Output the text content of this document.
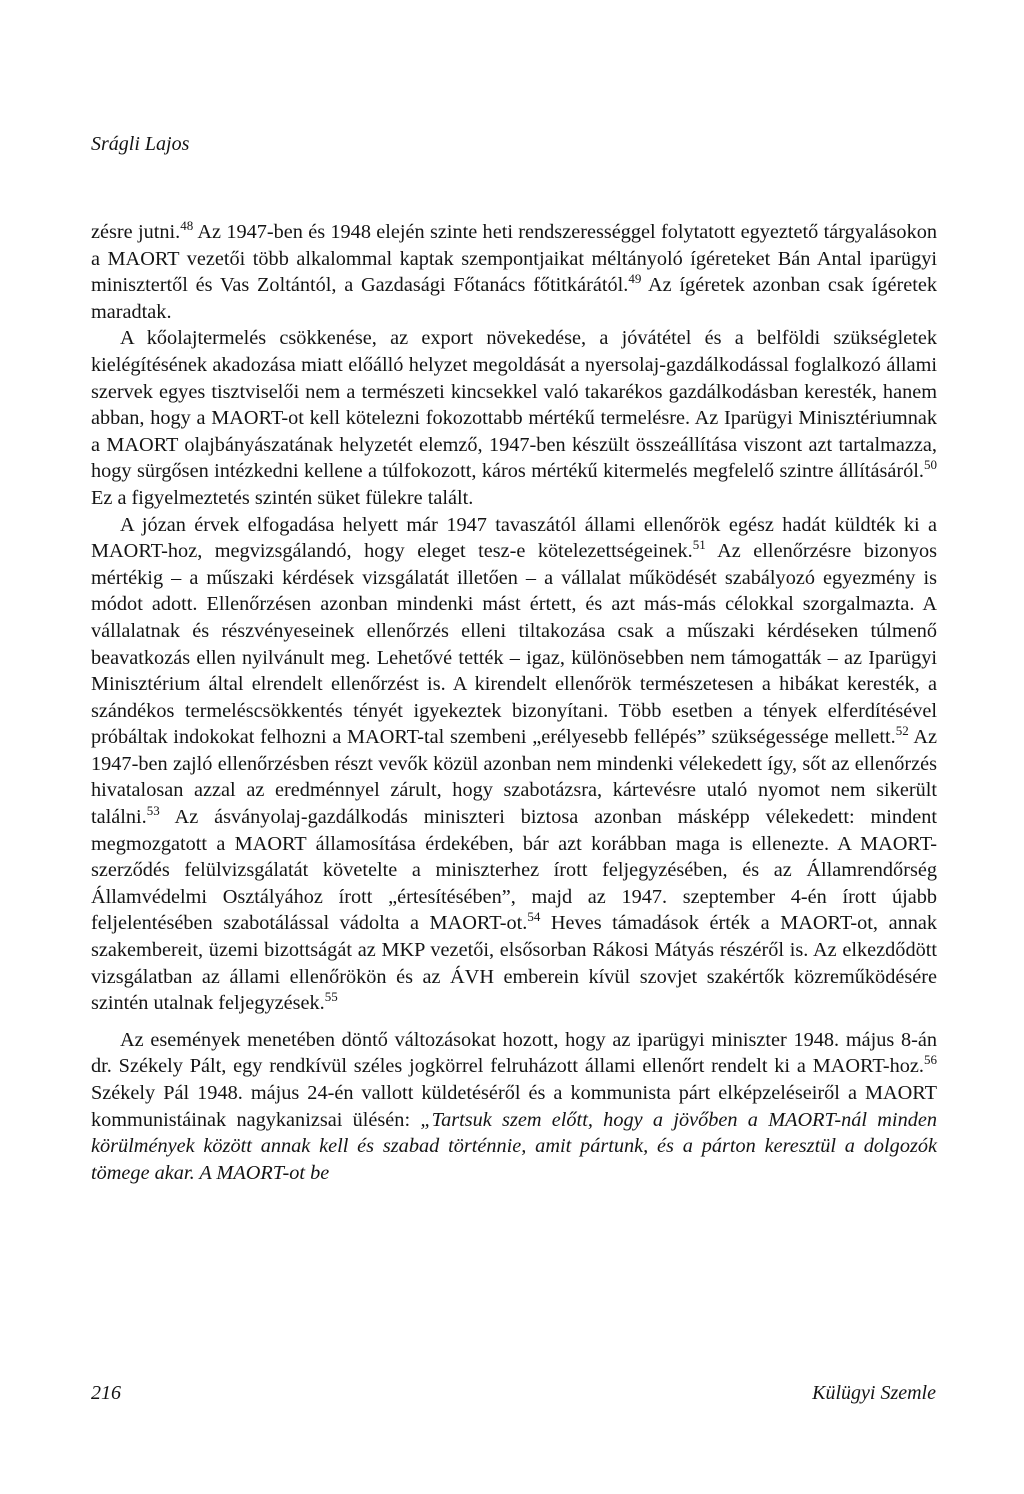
Srágli Lajos

zésre jutni.$^{48}$ Az 1947-ben és 1948 elején szinte heti rendszerességgel folytatott egyeztető tárgyalásokon a MAORT vezetői több alkalommal kaptak szempontjaikat méltányoló ígéreteket Bán Antal iparügyi minisztertől és Vas Zoltántól, a Gazdasági Főtanács főtitkárától.$^{49}$ Az ígéretek azonban csak ígéretek maradtak.

A kőolajtermelés csökkenése, az export növekedése, a jóvátétel és a belföldi szükségletek kielégítésének akadozása miatt előálló helyzet megoldását a nyersolaj-gazdálkodással foglalkozó állami szervek egyes tisztviselői nem a természeti kincsekkel való takarékos gazdálkodásban keresték, hanem abban, hogy a MAORT-ot kell kötelezni fokozottabb mértékű termelésre. Az Iparügyi Minisztériumnak a MAORT olajbányászatának helyzetét elemző, 1947-ben készült összeállítása viszont azt tartalmazza, hogy sürgősen intézkedni kellene a túlfokozott, káros mértékű kitermelés megfelelő szintre állításáról.$^{50}$ Ez a figyelmeztetés szintén süket fülekre talált.

A józan érvek elfogadása helyett már 1947 tavaszától állami ellenőrök egész hadát küldték ki a MAORT-hoz, megvizsgálandó, hogy eleget tesz-e kötelezettségeinek.$^{51}$ Az ellenőrzésre bizonyos mértékig – a műszaki kérdések vizsgálatát illetően – a vállalat működését szabályozó egyezmény is módot adott. Ellenőrzésen azonban mindenki mást értett, és azt más-más célokkal szorgalmazta. A vállalatnak és részvényeseinek ellenőrzés elleni tiltakozása csak a műszaki kérdéseken túlmenő beavatkozás ellen nyilvánult meg. Lehetővé tették – igaz, különösebben nem támogatták – az Iparügyi Minisztérium által elrendelt ellenőrzést is. A kirendelt ellenőrök természetesen a hibákat keresték, a szándékos termeléscsökkentés tényét igyekeztek bizonyítani. Több esetben a tények elferdítésével próbáltak indokokat felhozni a MAORT-tal szembeni „erélyesebb fellépés” szükségessége mellett.$^{52}$ Az 1947-ben zajló ellenőrzésben részt vevők közül azonban nem mindenki vélekedett így, sőt az ellenőrzés hivatalosan azzal az eredménnyel zárult, hogy szabotázsra, kártevésre utaló nyomot nem sikerült találni.$^{53}$ Az ásványolaj-gazdálkodás miniszteri biztosa azonban másképp vélekedett: mindent megmozgatott a MAORT államosítása érdekében, bár azt korábban maga is ellenezte. A MAORT-szerződés felülvizsgálatát követelte a miniszterhez írott feljegyzésében, és az Államrendőrség Államvédelmi Osztályához írott „értesítésében”, majd az 1947. szeptember 4-én írott újabb feljelentésében szabotálással vádolta a MAORT-ot.$^{54}$ Heves támadások érték a MAORT-ot, annak szakembereit, üzemi bizottságát az MKP vezetői, elsősorban Rákosi Mátyás részéről is. Az elkezdődött vizsgálatban az állami ellenőrökön és az ÁVH emberein kívül szovjet szakértők közreműködésére szintén utalnak feljegyzések.$^{55}$

Az események menetében döntő változásokat hozott, hogy az iparügyi miniszter 1948. május 8-án dr. Székely Pált, egy rendkívül széles jogkörrel felruházott állami ellenőrt rendelt ki a MAORT-hoz.$^{56}$ Székely Pál 1948. május 24-én vallott küldetéséről és a kommunista párt elképzeléseiről a MAORT kommunistáinak nagykanizsai ülésén: „Tartsuk szem előtt, hogy a jövőben a MAORT-nál minden körülmények között annak kell és szabad történnie, amit pártunk, és a párton keresztül a dolgozók tömege akar. A MAORT-ot be

216	Külügyi Szemle
